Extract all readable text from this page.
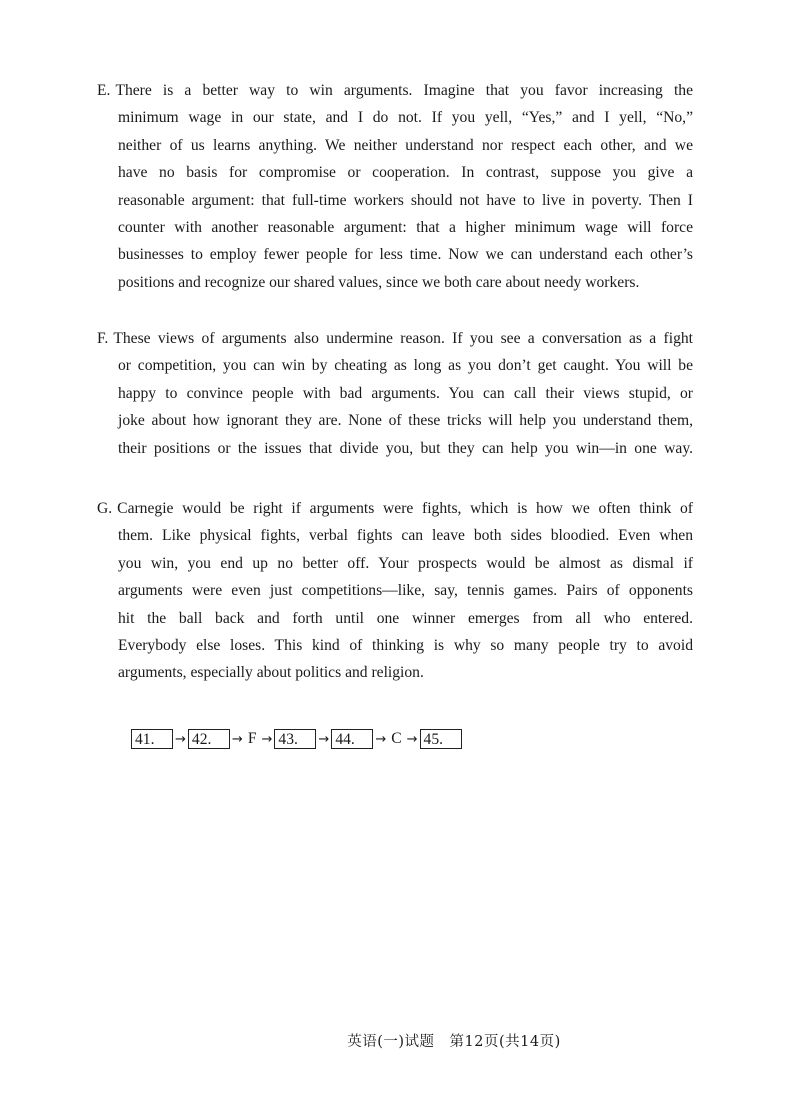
E. There is a better way to win arguments. Imagine that you favor increasing the
minimum wage in our state, and I do not. If you yell, “Yes,” and I yell, “No,”
neither of us learns anything. We neither understand nor respect each other, and we
have no basis for compromise or cooperation. In contrast, suppose you give a
reasonable argument: that full-time workers should not have to live in poverty. Then I
counter with another reasonable argument: that a higher minimum wage will force
businesses to employ fewer people for less time. Now we can understand each other’s
positions and recognize our shared values, since we both care about needy workers.
F. These views of arguments also undermine reason. If you see a conversation as a fight
or competition, you can win by cheating as long as you don’t get caught. You will be
happy to convince people with bad arguments. You can call their views stupid, or
joke about how ignorant they are. None of these tricks will help you understand them,
their positions or the issues that divide you, but they can help you win—in one way.
G. Carnegie would be right if arguments were fights, which is how we often think of
them. Like physical fights, verbal fights can leave both sides bloodied. Even when
you win, you end up no better off. Your prospects would be almost as dismal if
arguments were even just competitions—like, say, tennis games. Pairs of opponents
hit the ball back and forth until one winner emerges from all who entered.
Everybody else loses. This kind of thinking is why so many people try to avoid
arguments, especially about politics and religion.
41.	→ 42.	→ F → 43.	→ 44.	→ C → 45.
英语(一)试题　第12页(共14页)
